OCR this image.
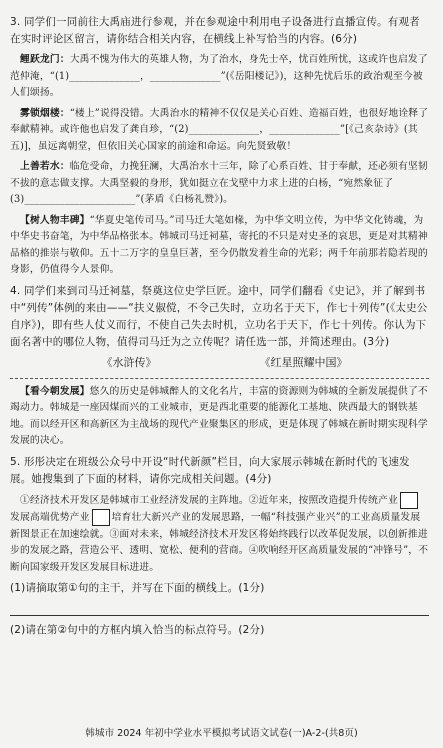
3. 同学们一同前往大禹庙进行参观，并在参观途中利用电子设备进行直播宣传。有观者在实时评论区留言，请你结合相关内容，在横线上补写恰当的内容。(6分)

鲤跃龙门：大禹不愧为伟大的英雄人物，为了治水，身先士卒，忧百姓所忧，这或许也启发了范仲淹，“(1)______________，______________”(《岳阳楼记》)，这种先忧后乐的政治观至今被人们颂扬。

雾锁烟楼：“楼上”说得没错。大禹治水的精神不仅仅是关心百姓、造福百姓，也很好地诠释了奉献精神。或许他也启发了龚自珍，“(2)______________，______________”[《己亥杂诗》(其五)]，虽远离朝堂，但依旧关心国家的前途和命运。向先贤致敬！

上善若水：临危受命，力挽狂澜，大禹治水十三年，除了心系百姓、甘于奉献，还必须有坚韧不拔的意志做支撑。大禹坚毅的身形，犹如挺立在戈壁中力求上进的白杨，“宛然象征了(3)______________________”(茅盾《白杨礼赞》)。

【树人物丰碑】“华夏史笔传司马。”司马迁大笔如椽，为中华文明立传，为中华文化铸魂，为中华史书奋笔，为中华品格张本。韩城司马迁祠墓，寄托的不只是对史圣的哀思，更是对其精神品格的推崇与敬仰。五十二万字的皇皇巨著，至今仍散发着生命的光彩；两千年前那若隐若现的身影，仍值得今人景仰。

4. 同学们来到司马迁祠墓，祭奠这位史学巨匠。途中，同学们翻看《史记》，并了解到书中“列传”体例的来由——“扶义俶傥，不令己失时，立功名于天下，作七十列传”(《太史公自序》)，即有些人仗义而行，不使自己失去时机，立功名于天下，作七十列传。你认为下面名著中的哪位人物，值得司马迁为之立传呢？请任选一部，并简述理由。(3分)

《水浒传》	《红星照耀中国》

【看今朝发展】悠久的历史是韩城醉人的文化名片，丰富的资源则为韩城的全新发展提供了不竭动力。韩城是一座因煤而兴的工业城市，更是西北重要的能源化工基地、陕西最大的钢铁基地。而以经开区和高新区为主战场的现代产业聚集区的形成，更是体现了韩城在新时期实现科学发展的决心。

5. 形彤决定在班级公众号中开设“时代新颜”栏目，向大家展示韩城在新时代的飞速发展。她搜集到了下面的材料，请你完成相关问题。(4分)

①经济技术开发区是韩城市工业经济发展的主阵地。②近年来，按照改造提升传统产业发展高端优势产业 培育壮大新兴产业的发展思路，一幅“科技强产业兴”的工业高质量发展新图景正在加速绘就。③面对未来，韩城经济技术开发区将始终践行以改革促发展，以创新推进步的发展之路，营造公平、透明、宽松、便利的营商。④吹响经开区高质量发展的“冲锋号”，不断向国家级开发区发展目标进进。

(1)请摘取第①句的主干，并写在下面的横线上。(1分)

(2)请在第②句中的方框内填入恰当的标点符号。(2分)

韩城市 2024 年初中学业水平模拟考试语文试卷(一)A-2-(共8页)
